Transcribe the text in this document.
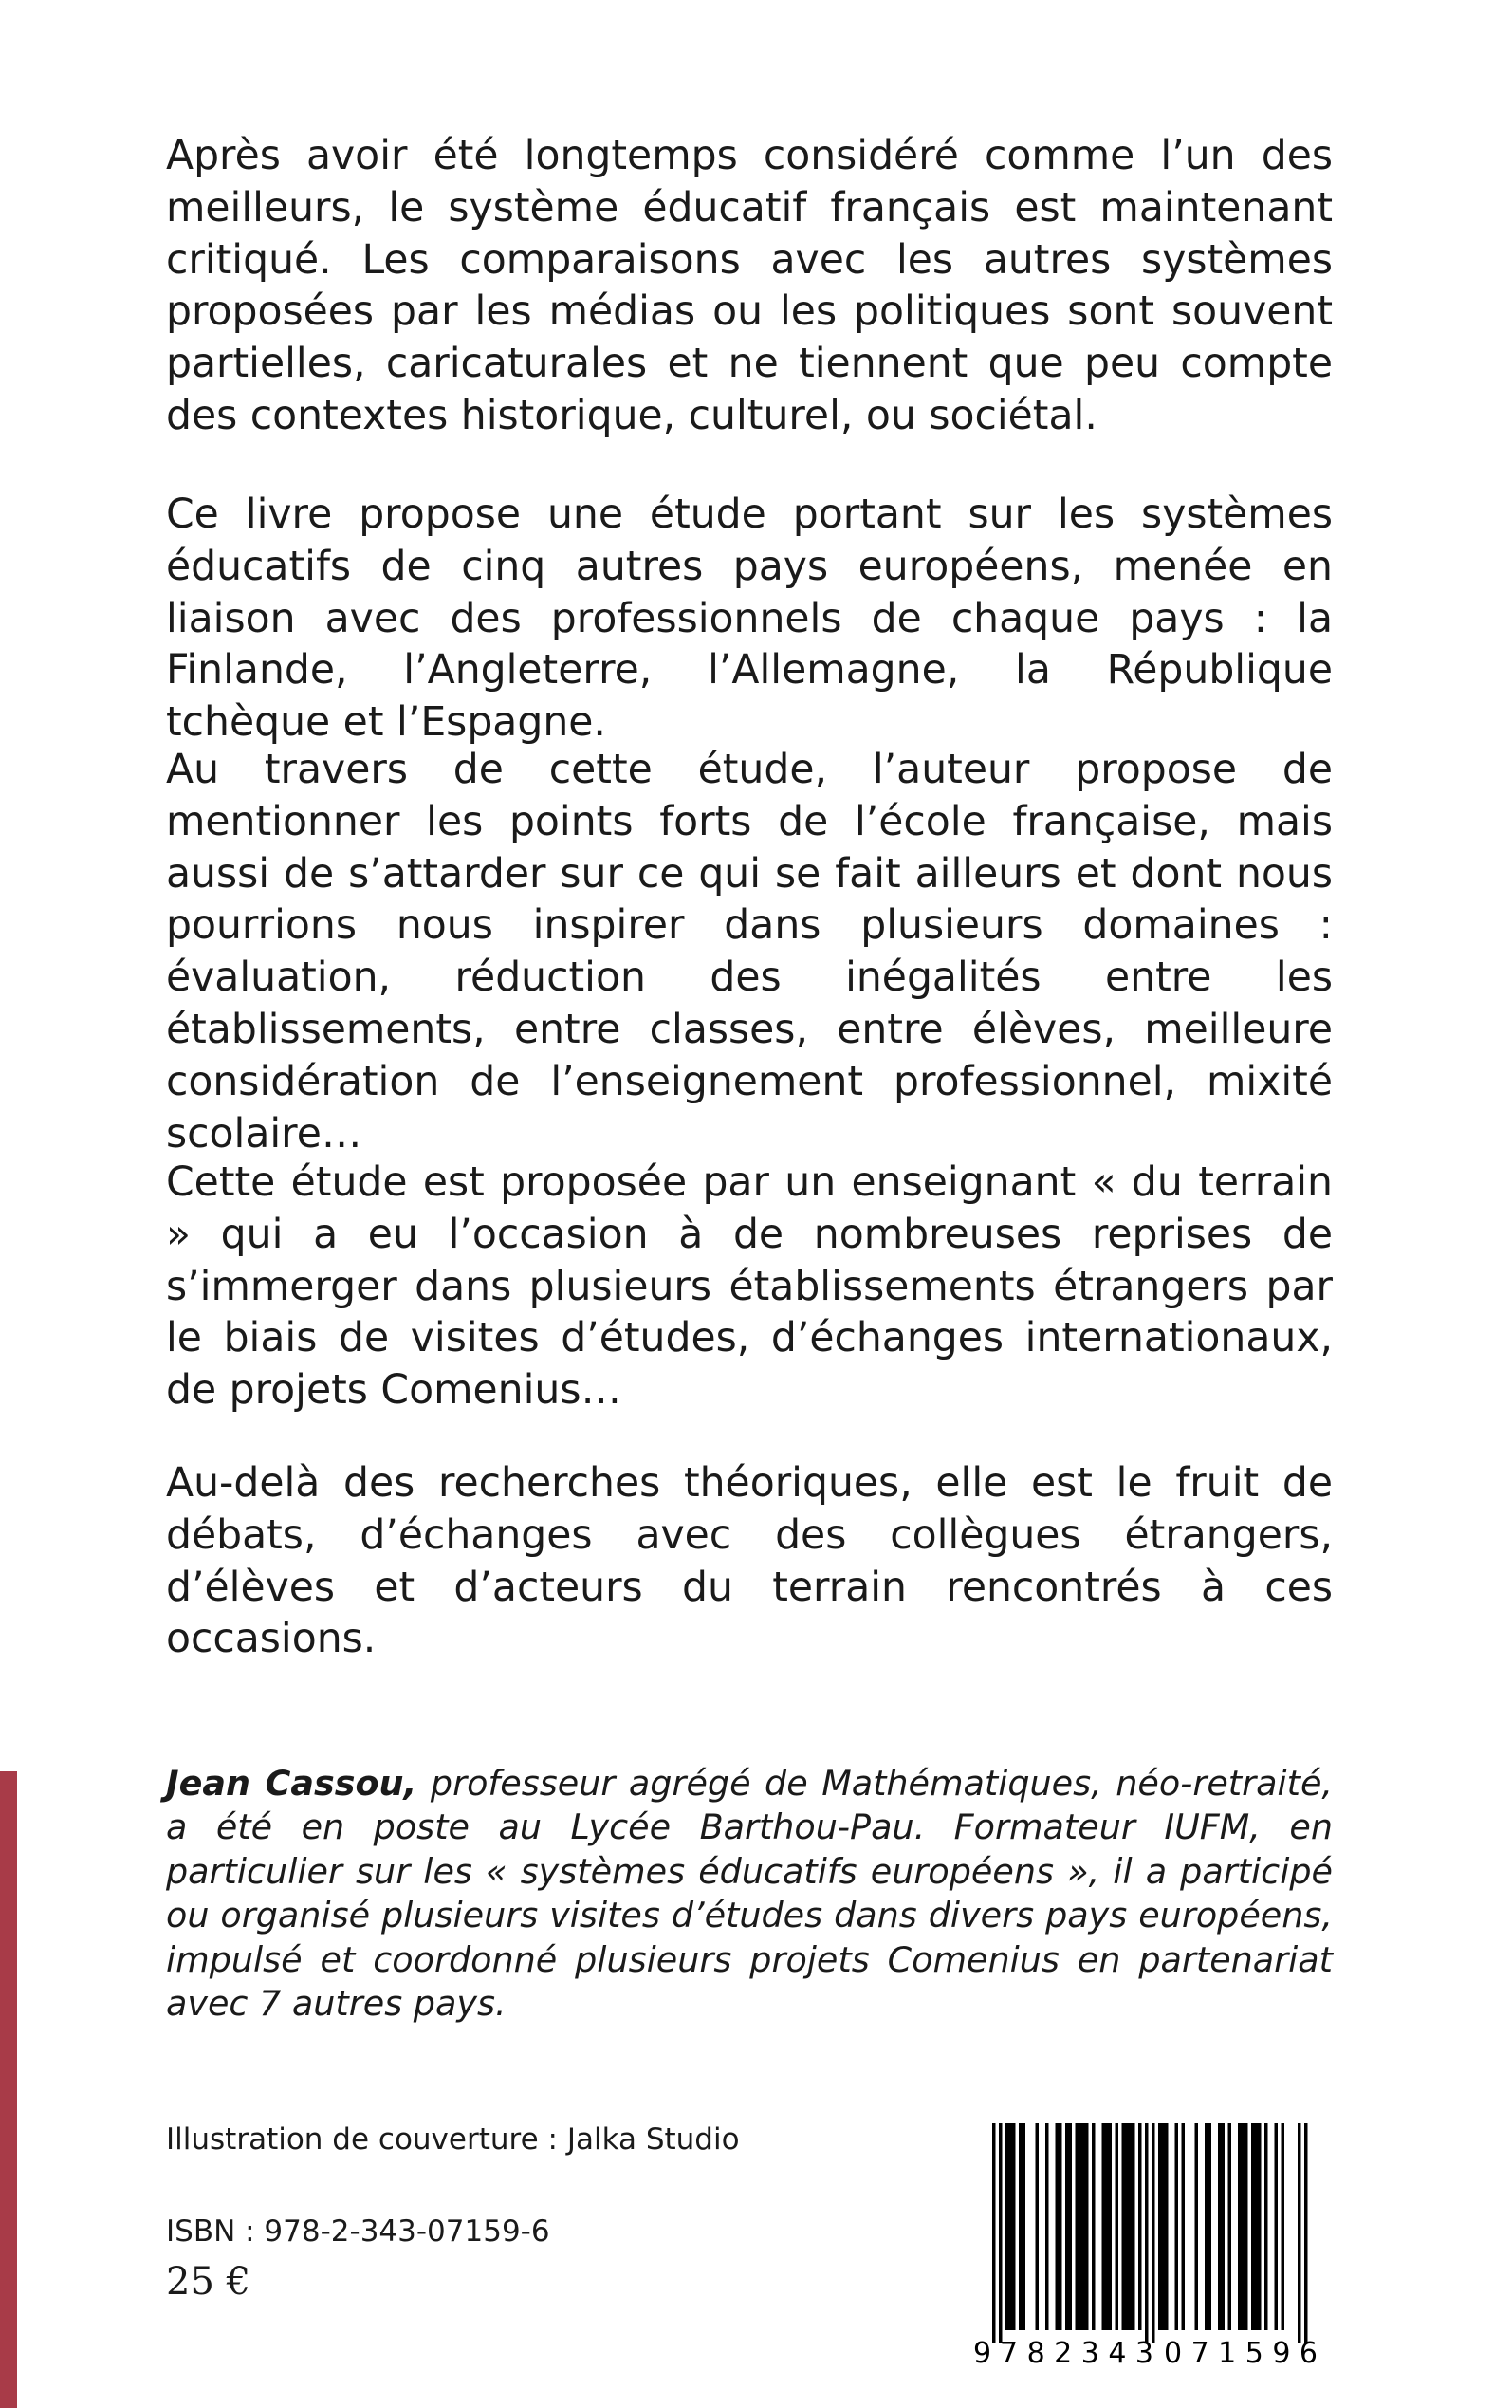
Après avoir été longtemps considéré comme l’un des meilleurs, le système éducatif français est maintenant critiqué. Les comparaisons avec les autres systèmes proposées par les médias ou les politiques sont souvent partielles, caricaturales et ne tiennent que peu compte des contextes historique, culturel, ou sociétal.

Ce livre propose une étude portant sur les systèmes éducatifs de cinq autres pays européens, menée en liaison avec des professionnels de chaque pays : la Finlande, l’Angleterre, l’Allemagne, la République tchèque et l’Espagne.

Au travers de cette étude, l’auteur propose de mentionner les points forts de l’école française, mais aussi de s’attarder sur ce qui se fait ailleurs et dont nous pourrions nous inspirer dans plusieurs domaines : évaluation, réduction des inégalités entre les établissements, entre classes, entre élèves, meilleure considération de l’enseignement professionnel, mixité scolaire…

Cette étude est proposée par un enseignant « du terrain » qui a eu l’occasion à de nombreuses reprises de s’immerger dans plusieurs établissements étrangers par le biais de visites d’études, d’échanges internationaux, de projets Comenius…

Au-delà des recherches théoriques, elle est le fruit de débats, d’échanges avec des collègues étrangers, d’élèves et d’acteurs du terrain rencontrés à ces occasions.

Jean Cassou, professeur agrégé de Mathématiques, néo-retraité, a été en poste au Lycée Barthou-Pau. Formateur IUFM, en particulier sur les « systèmes éducatifs européens », il a participé ou organisé plusieurs visites d’études dans divers pays européens, impulsé et coordonné plusieurs projets Comenius en partenariat avec 7 autres pays.

Illustration de couverture : Jalka Studio

ISBN : 978-2-343-07159-6

25 €

9 782343 071596
